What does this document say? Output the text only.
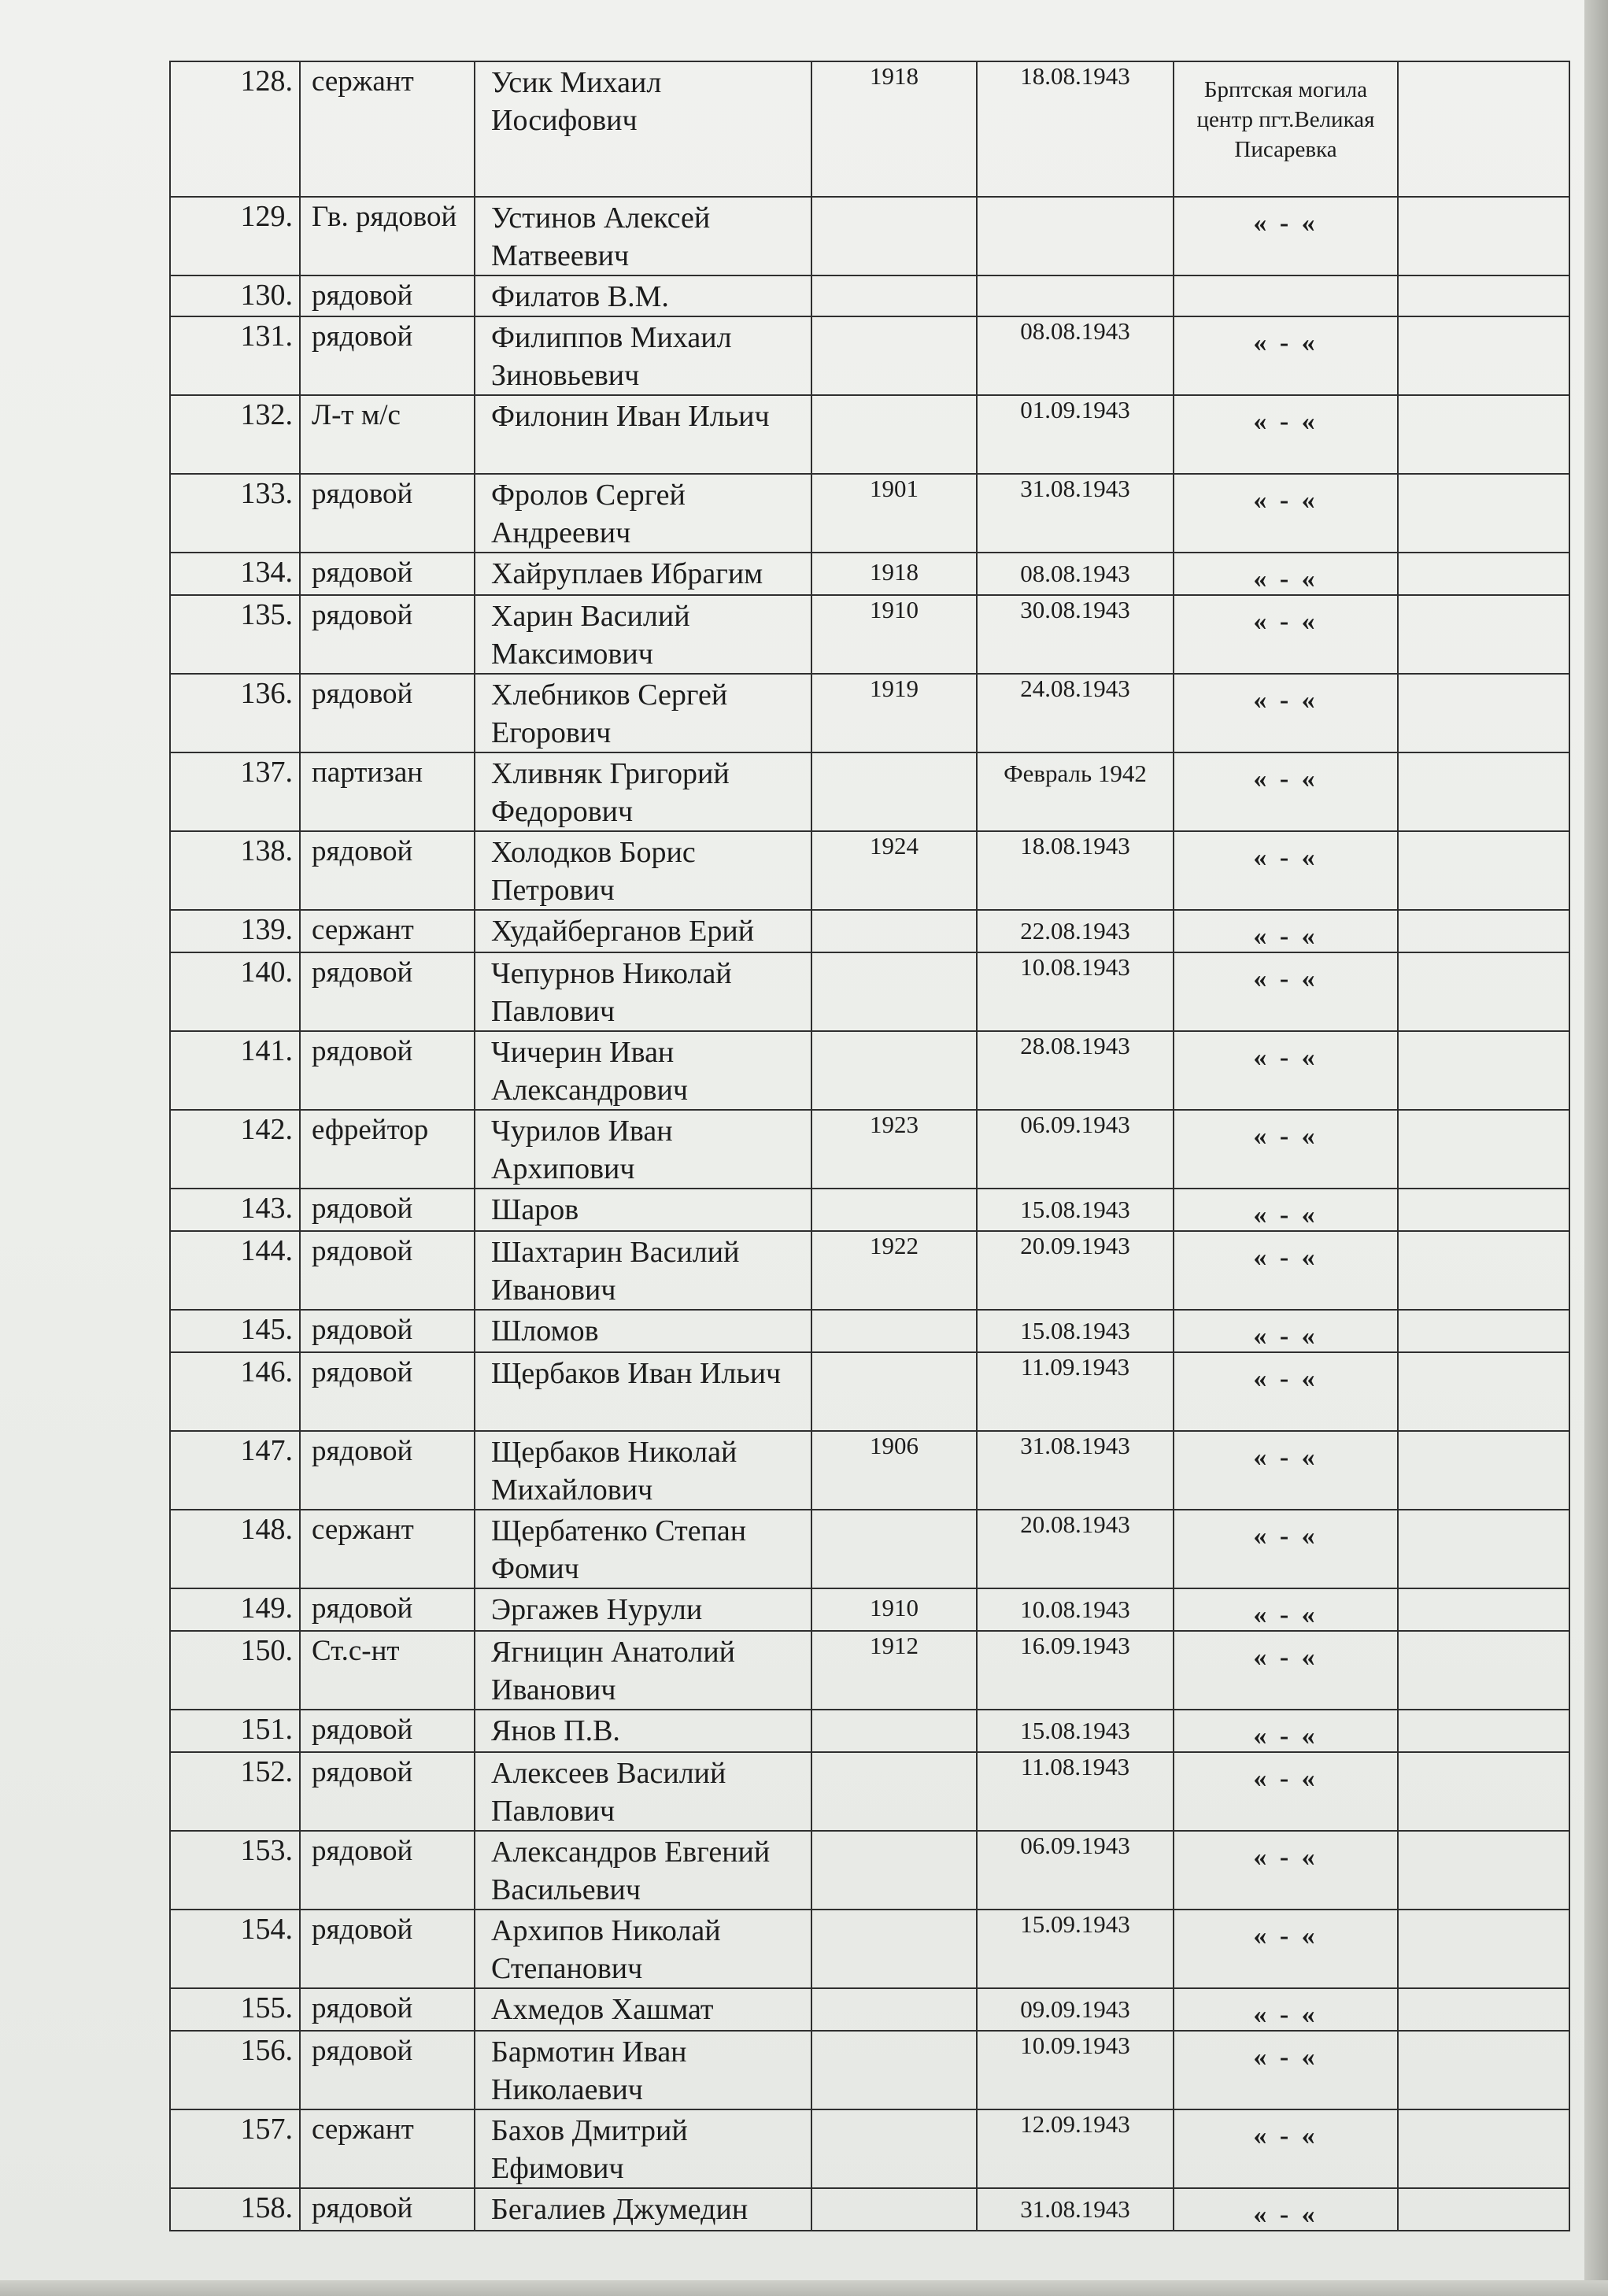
128.	сержант	Усик Михаил Иосифович	1918	18.08.1943	Брптская могила центр пгт.Великая Писаревка	
129.	Гв. рядовой	Устинов Алексей Матвеевич			« - «	
130.	рядовой	Филатов В.М.				
131.	рядовой	Филиппов Михаил Зиновьевич		08.08.1943	« - «	
132.	Л-т м/с	Филонин Иван Ильич		01.09.1943	« - «	
133.	рядовой	Фролов Сергей Андреевич	1901	31.08.1943	« - «	
134.	рядовой	Хайруплаев Ибрагим	1918	08.08.1943	« - «	
135.	рядовой	Харин Василий Максимович	1910	30.08.1943	« - «	
136.	рядовой	Хлебников Сергей Егорович	1919	24.08.1943	« - «	
137.	партизан	Хливняк Григорий Федорович		Февраль 1942	« - «	
138.	рядовой	Холодков Борис Петрович	1924	18.08.1943	« - «	
139.	сержант	Худайберганов Ерий		22.08.1943	« - «	
140.	рядовой	Чепурнов Николай Павлович		10.08.1943	« - «	
141.	рядовой	Чичерин Иван Александрович		28.08.1943	« - «	
142.	ефрейтор	Чурилов Иван Архипович	1923	06.09.1943	« - «	
143.	рядовой	Шаров		15.08.1943	« - «	
144.	рядовой	Шахтарин Василий Иванович	1922	20.09.1943	« - «	
145.	рядовой	Шломов		15.08.1943	« - «	
146.	рядовой	Щербаков Иван Ильич		11.09.1943	« - «	
147.	рядовой	Щербаков Николай Михайлович	1906	31.08.1943	« - «	
148.	сержант	Щербатенко Степан Фомич		20.08.1943	« - «	
149.	рядовой	Эргажев Нурули	1910	10.08.1943	« - «	
150.	Ст.с-нт	Ягницин Анатолий Иванович	1912	16.09.1943	« - «	
151.	рядовой	Янов П.В.		15.08.1943	« - «	
152.	рядовой	Алексеев Василий Павлович		11.08.1943	« - «	
153.	рядовой	Александров Евгений Васильевич		06.09.1943	« - «	
154.	рядовой	Архипов Николай Степанович		15.09.1943	« - «	
155.	рядовой	Ахмедов Хашмат		09.09.1943	« - «	
156.	рядовой	Бармотин Иван Николаевич		10.09.1943	« - «	
157.	сержант	Бахов Дмитрий Ефимович		12.09.1943	« - «	
158.	рядовой	Бегалиев Джумедин		31.08.1943	« - «	
